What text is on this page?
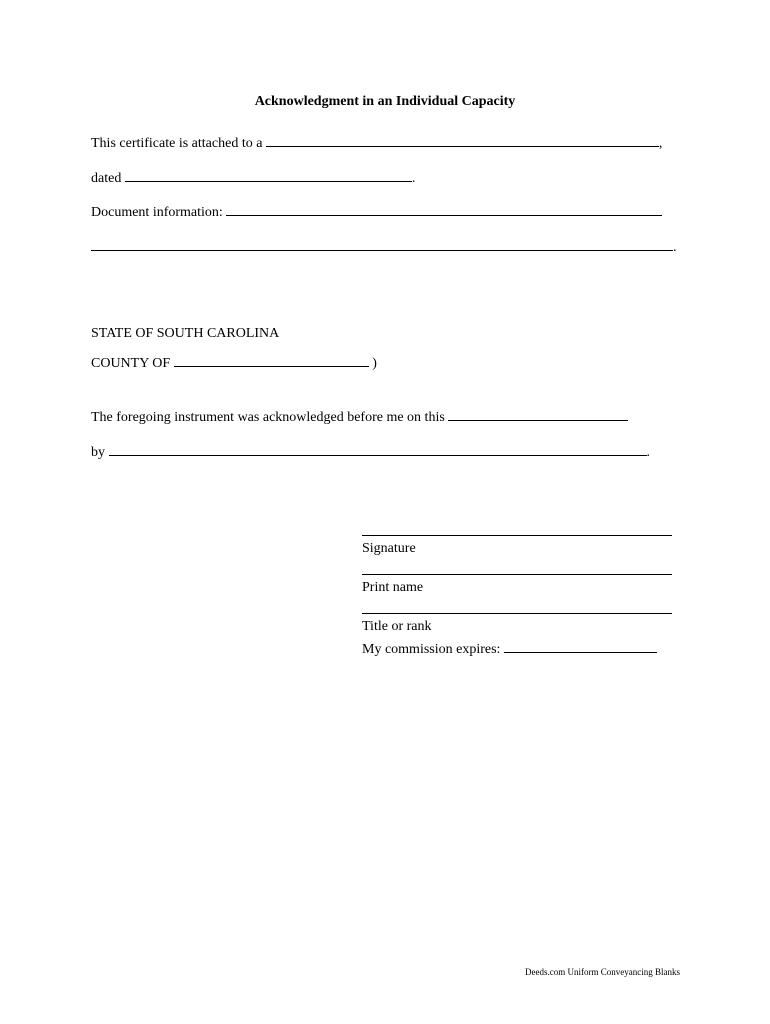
Acknowledgment in an Individual Capacity
This certificate is attached to a	,
dated	.
Document information:
.
STATE OF SOUTH CAROLINA
COUNTY OF	)
The foregoing instrument was acknowledged before me on this
by	.
Signature
Print name
Title or rank
My commission expires:
Deeds.com Uniform Conveyancing Blanks
